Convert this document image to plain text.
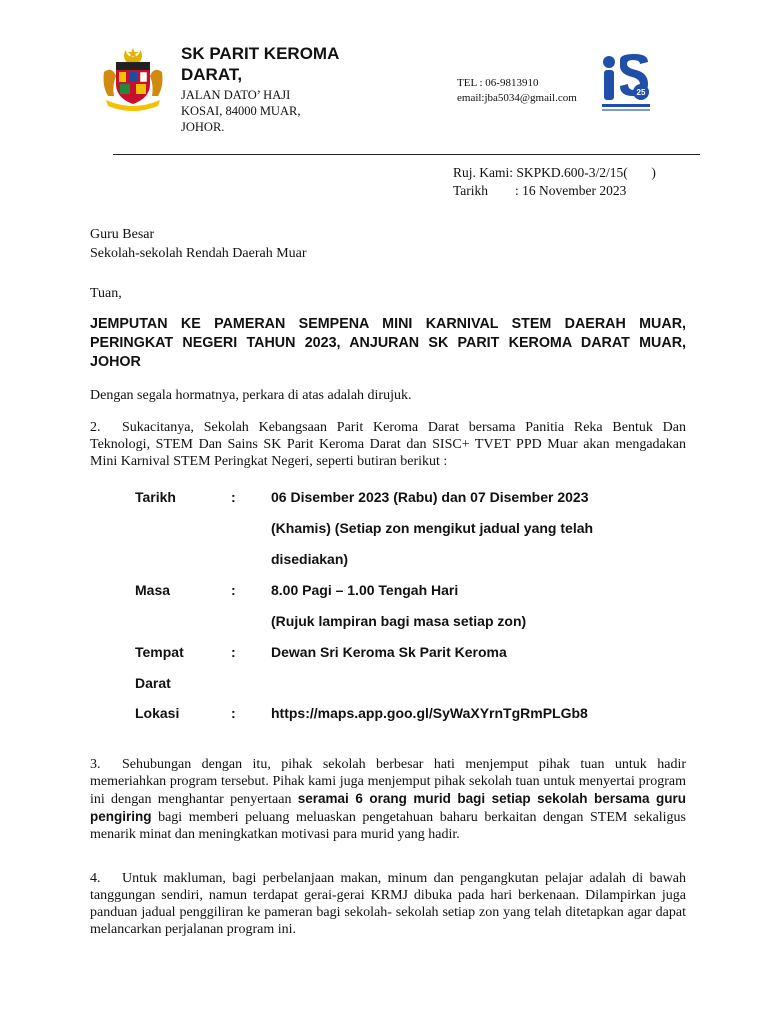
SK PARIT KEROMA DARAT,
JALAN DATO’ HAJI
KOSAI, 84000 MUAR,
JOHOR.
TEL : 06-9813910
email:jba5034@gmail.com	25
Ruj. Kami: SKPKD.600-3/2/15(       )
Tarikh : 16 November 2023
Guru Besar
Sekolah-sekolah Rendah Daerah Muar
Tuan,
JEMPUTAN KE PAMERAN SEMPENA MINI KARNIVAL STEM DAERAH MUAR, PERINGKAT NEGERI TAHUN 2023, ANJURAN SK PARIT KEROMA DARAT MUAR, JOHOR
Dengan segala hormatnya, perkara di atas adalah dirujuk.
2. Sukacitanya, Sekolah Kebangsaan Parit Keroma Darat bersama Panitia Reka Bentuk Dan Teknologi, STEM Dan Sains SK Parit Keroma Darat dan SISC+ TVET PPD Muar akan mengadakan Mini Karnival STEM Peringkat Negeri, seperti butiran berikut :
Tarikh	:	06 Disember 2023 (Rabu) dan 07 Disember 2023
(Khamis) (Setiap zon mengikut jadual yang telah
disediakan)
Masa	:	8.00 Pagi – 1.00 Tengah Hari
(Rujuk lampiran bagi masa setiap zon)
Tempat	:	Dewan Sri Keroma Sk Parit Keroma
Darat
Lokasi	:	https://maps.app.goo.gl/SyWaXYrnTgRmPLGb8
3. Sehubungan dengan itu, pihak sekolah berbesar hati menjemput pihak tuan untuk hadir memeriahkan program tersebut. Pihak kami juga menjemput pihak sekolah tuan untuk menyertai program ini dengan menghantar penyertaan seramai 6 orang murid bagi setiap sekolah bersama guru pengiring bagi memberi peluang meluaskan pengetahuan baharu berkaitan dengan STEM sekaligus menarik minat dan meningkatkan motivasi para murid yang hadir.
4. Untuk makluman, bagi perbelanjaan makan, minum dan pengangkutan pelajar adalah di bawah tanggungan sendiri, namun terdapat gerai-gerai KRMJ dibuka pada hari berkenaan. Dilampirkan juga panduan jadual penggiliran ke pameran bagi sekolah- sekolah setiap zon yang telah ditetapkan agar dapat melancarkan perjalanan program ini.
